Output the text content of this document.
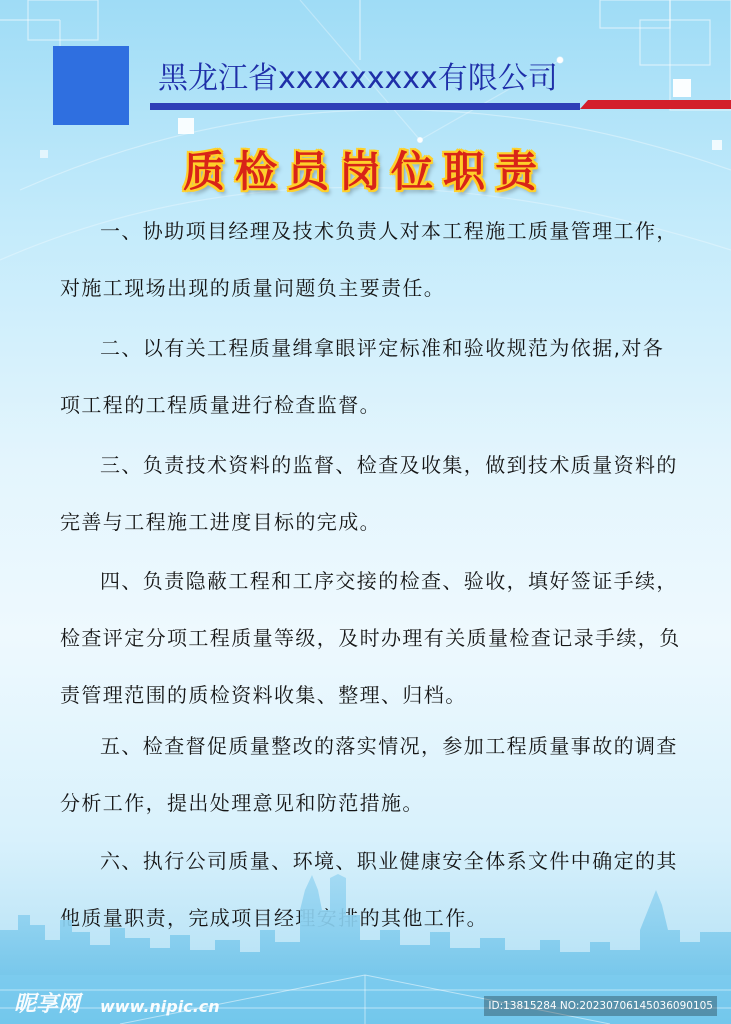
黑龙江省xxxxxxxxx有限公司
质检员岗位职责

一、协助项目经理及技术负责人对本工程施工质量管理工作，对施工现场出现的质量问题负主要责任。

二、以有关工程质量缉拿眼评定标准和验收规范为依据,对各项工程的工程质量进行检查监督。

三、负责技术资料的监督、检查及收集，做到技术质量资料的完善与工程施工进度目标的完成。

四、负责隐蔽工程和工序交接的检查、验收，填好签证手续，检查评定分项工程质量等级，及时办理有关质量检查记录手续，负责管理范围的质检资料收集、整理、归档。

五、检查督促质量整改的落实情况，参加工程质量事故的调查分析工作，提出处理意见和防范措施。

六、执行公司质量、环境、职业健康安全体系文件中确定的其他质量职责，完成项目经理安排的其他工作。

昵享网 www.nipic.cn	ID:13815284 NO:20230706145036090105
